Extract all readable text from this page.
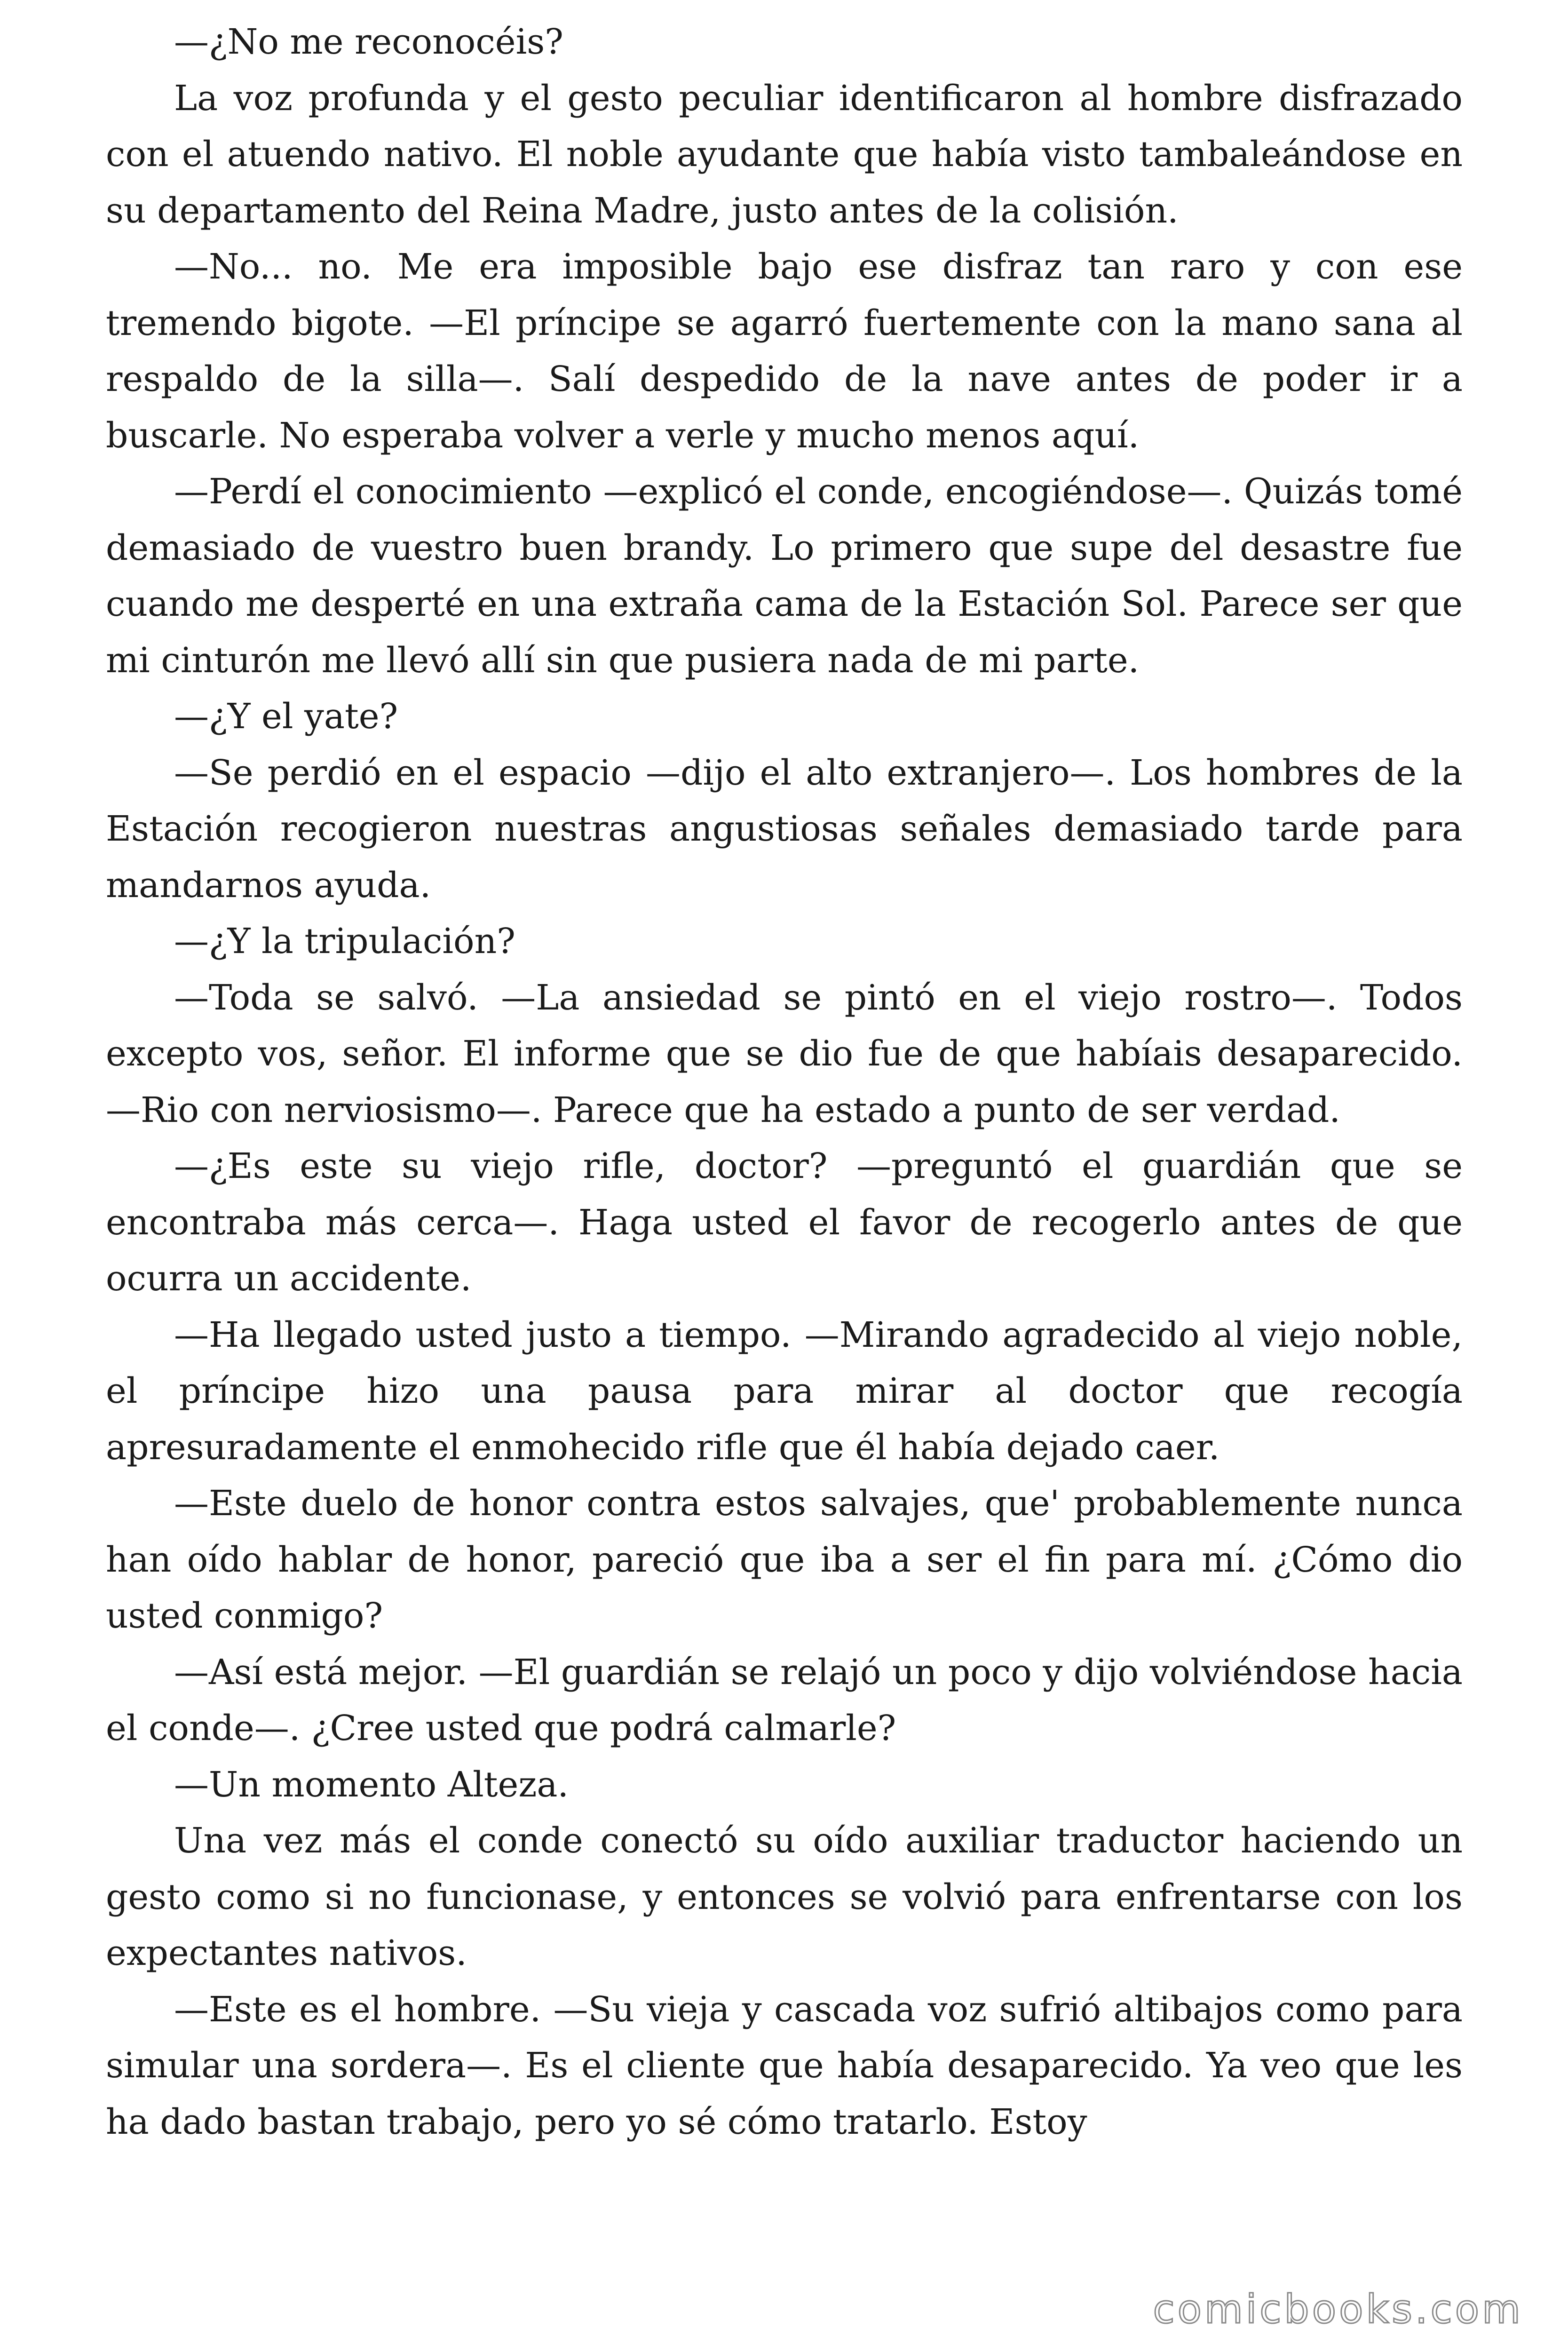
—¿No me reconocéis?

La voz profunda y el gesto peculiar identificaron al hombre disfrazado con el atuendo nativo. El noble ayudante que había visto tambaleándose en su departamento del Reina Madre, justo antes de la colisión.

—No... no. Me era imposible bajo ese disfraz tan raro y con ese tremendo bigote. —El príncipe se agarró fuertemente con la mano sana al respaldo de la silla—. Salí despedido de la nave antes de poder ir a buscarle. No esperaba volver a verle y mucho menos aquí.

—Perdí el conocimiento —explicó el conde, encogiéndose—. Quizás tomé demasiado de vuestro buen brandy. Lo primero que supe del desastre fue cuando me desperté en una extraña cama de la Estación Sol. Parece ser que mi cinturón me llevó allí sin que pusiera nada de mi parte.

—¿Y el yate?

—Se perdió en el espacio —dijo el alto extranjero—. Los hombres de la Estación recogieron nuestras angustiosas señales demasiado tarde para mandarnos ayuda.

—¿Y la tripulación?

—Toda se salvó. —La ansiedad se pintó en el viejo rostro—. Todos excepto vos, señor. El informe que se dio fue de que habíais desaparecido. —Rio con nerviosismo—. Parece que ha estado a punto de ser verdad.

—¿Es este su viejo rifle, doctor? —preguntó el guardián que se encontraba más cerca—. Haga usted el favor de recogerlo antes de que ocurra un accidente.

—Ha llegado usted justo a tiempo. —Mirando agradecido al viejo noble, el príncipe hizo una pausa para mirar al doctor que recogía apresuradamente el enmohecido rifle que él había dejado caer.

—Este duelo de honor contra estos salvajes, que' probablemente nunca han oído hablar de honor, pareció que iba a ser el fin para mí. ¿Cómo dio usted conmigo?

—Así está mejor. —El guardián se relajó un poco y dijo volviéndose hacia el conde—. ¿Cree usted que podrá calmarle?

—Un momento Alteza.

Una vez más el conde conectó su oído auxiliar traductor haciendo un gesto como si no funcionase, y entonces se volvió para enfrentarse con los expectantes nativos.

—Este es el hombre. —Su vieja y cascada voz sufrió altibajos como para simular una sordera—. Es el cliente que había desaparecido. Ya veo que les ha dado bastan trabajo, pero yo sé cómo tratarlo. Estoy

comicbooks.com
